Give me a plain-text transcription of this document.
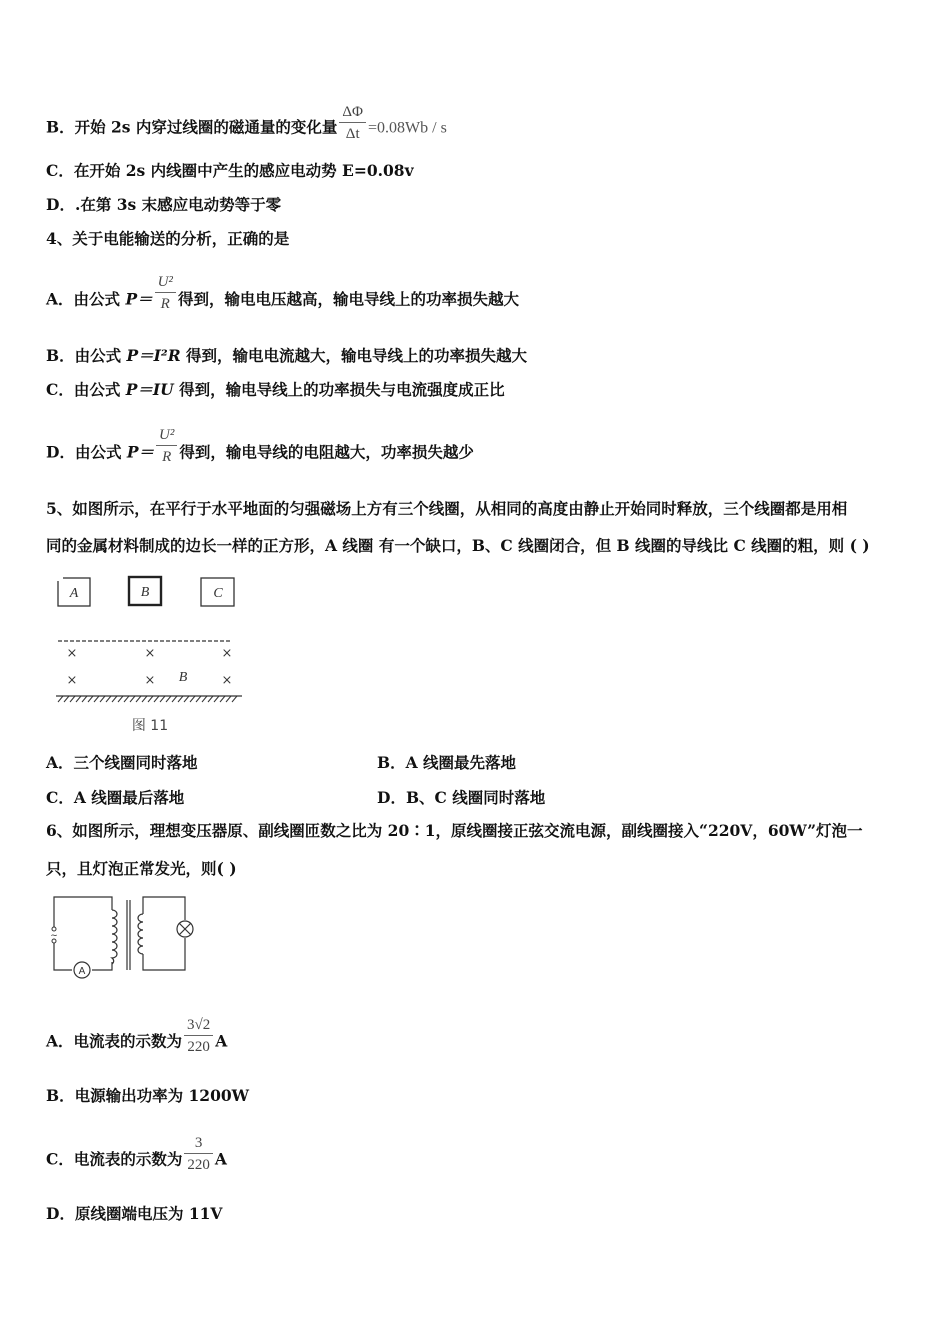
B．开始 2s 内穿过线圈的磁通量的变化量 $\frac{\Delta\Phi}{\Delta t} =0.08Wb / s$
C．在开始 2s 内线圈中产生的感应电动势 E=0.08v
D．.在第 3s 末感应电动势等于零
4、关于电能输送的分析，正确的是
A．由公式 $P= \frac{\text{U²}}{R}$ 得到，输电电压越高，输电导线上的功率损失越大
B．由公式 P＝I²R 得到，输电电流越大，输电导线上的功率损失越大
C．由公式 P＝IU 得到，输电导线上的功率损失与电流强度成正比
D．由公式 $P= \frac{\text{U²}}{R}$ 得到，输电导线的电阻越大，功率损失越少
5、如图所示，在平行于水平地面的匀强磁场上方有三个线圈，从相同的高度由静止开始同时释放，三个线圈都是用相
同的金属材料制成的边长一样的正方形，A 线圈 有一个缺口，B、C 线圈闭合，但 B 线圈的导线比 C 线圈的粗，则 ( )
A	B	C
×	×	×
×	×	×
B
图 11
A．三个线圈同时落地	B．A 线圈最先落地
C．A 线圈最后落地	D．B、C 线圈同时落地
6、如图所示，理想变压器原、副线圈匝数之比为 20∶1，原线圈接正弦交流电源，副线圈接入“220V，60W”灯泡一
只，且灯泡正常发光，则( )
~
A
A．电流表的示数为 $\frac{3√2}{220}$ A
B．电源输出功率为 1200W
C．电流表的示数为 $\frac{3}{220}$ A
D．原线圈端电压为 11V
